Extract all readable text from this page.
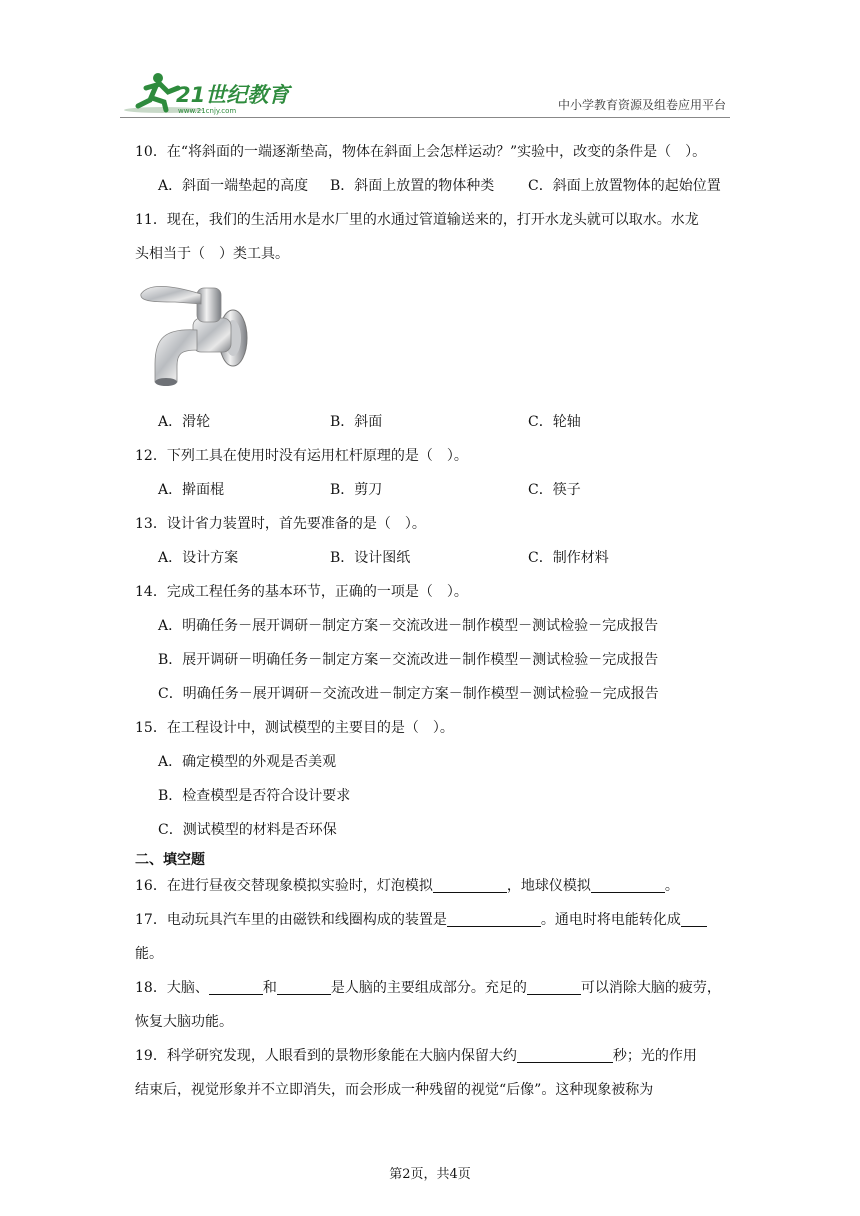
21世纪教育
www.21cnjy.com	中小学教育资源及组卷应用平台
10．在“将斜面的一端逐渐垫高，物体在斜面上会怎样运动？”实验中，改变的条件是（　）。
A．斜面一端垫起的高度 B．斜面上放置的物体种类 C．斜面上放置物体的起始位置
11．现在，我们的生活用水是水厂里的水通过管道输送来的，打开水龙头就可以取水。水龙
头相当于（　）类工具。
A．滑轮	B．斜面	C．轮轴
12．下列工具在使用时没有运用杠杆原理的是（　）。
A．擀面棍	B．剪刀	C．筷子
13．设计省力装置时，首先要准备的是（　）。
A．设计方案	B．设计图纸	C．制作材料
14．完成工程任务的基本环节，正确的一项是（　）。
A．明确任务－展开调研－制定方案－交流改进－制作模型－测试检验－完成报告
B．展开调研－明确任务－制定方案－交流改进－制作模型－测试检验－完成报告
C．明确任务－展开调研－交流改进－制定方案－制作模型－测试检验－完成报告
15．在工程设计中，测试模型的主要目的是（　）。
A．确定模型的外观是否美观
B．检查模型是否符合设计要求
C．测试模型的材料是否环保
二、填空题
16．在进行昼夜交替现象模拟实验时，灯泡模拟	，地球仪模拟	。
17．电动玩具汽车里的由磁铁和线圈构成的装置是	。通电时将电能转化成
能。
18．大脑、	和	是人脑的主要组成部分。充足的	可以消除大脑的疲劳，
恢复大脑功能。
19．科学研究发现，人眼看到的景物形象能在大脑内保留大约	秒；光的作用
结束后，视觉形象并不立即消失，而会形成一种残留的视觉“后像”。这种现象被称为
第2页，共4页
